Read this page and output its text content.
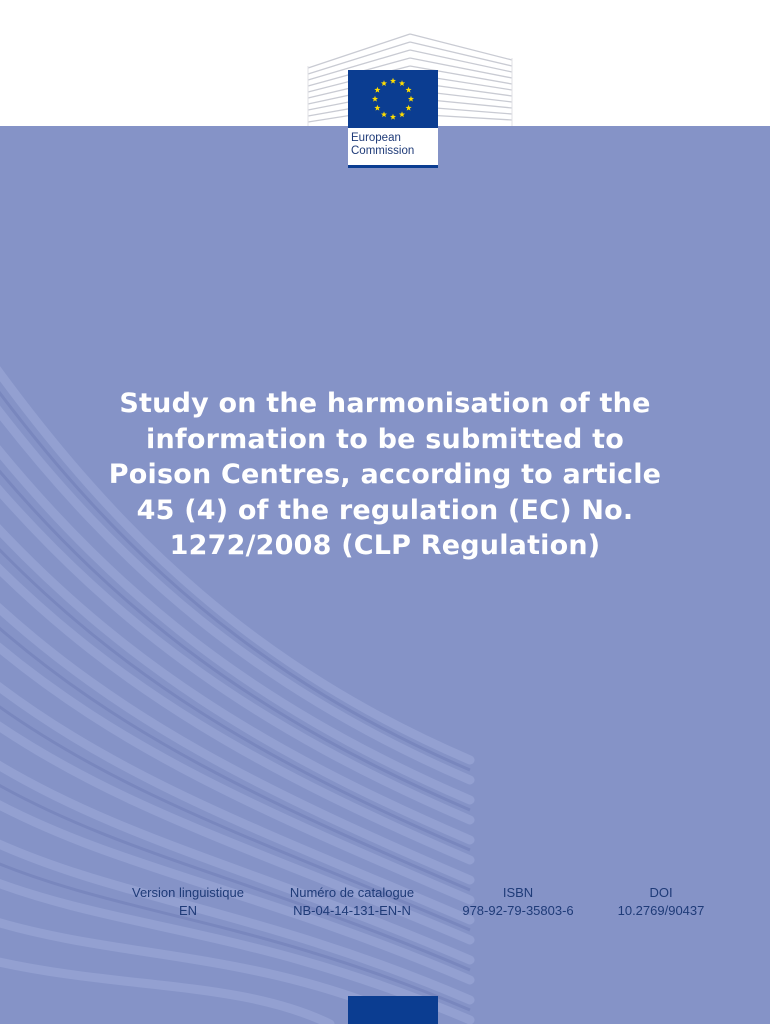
European
Commission
Study on the harmonisation of the information to be submitted to Poison Centres, according to article 45 (4) of the regulation (EC) No. 1272/2008 (CLP Regulation)
Version linguistique
EN
Numéro de catalogue
NB-04-14-131-EN-N
ISBN
978-92-79-35803-6
DOI
10.2769/90437
